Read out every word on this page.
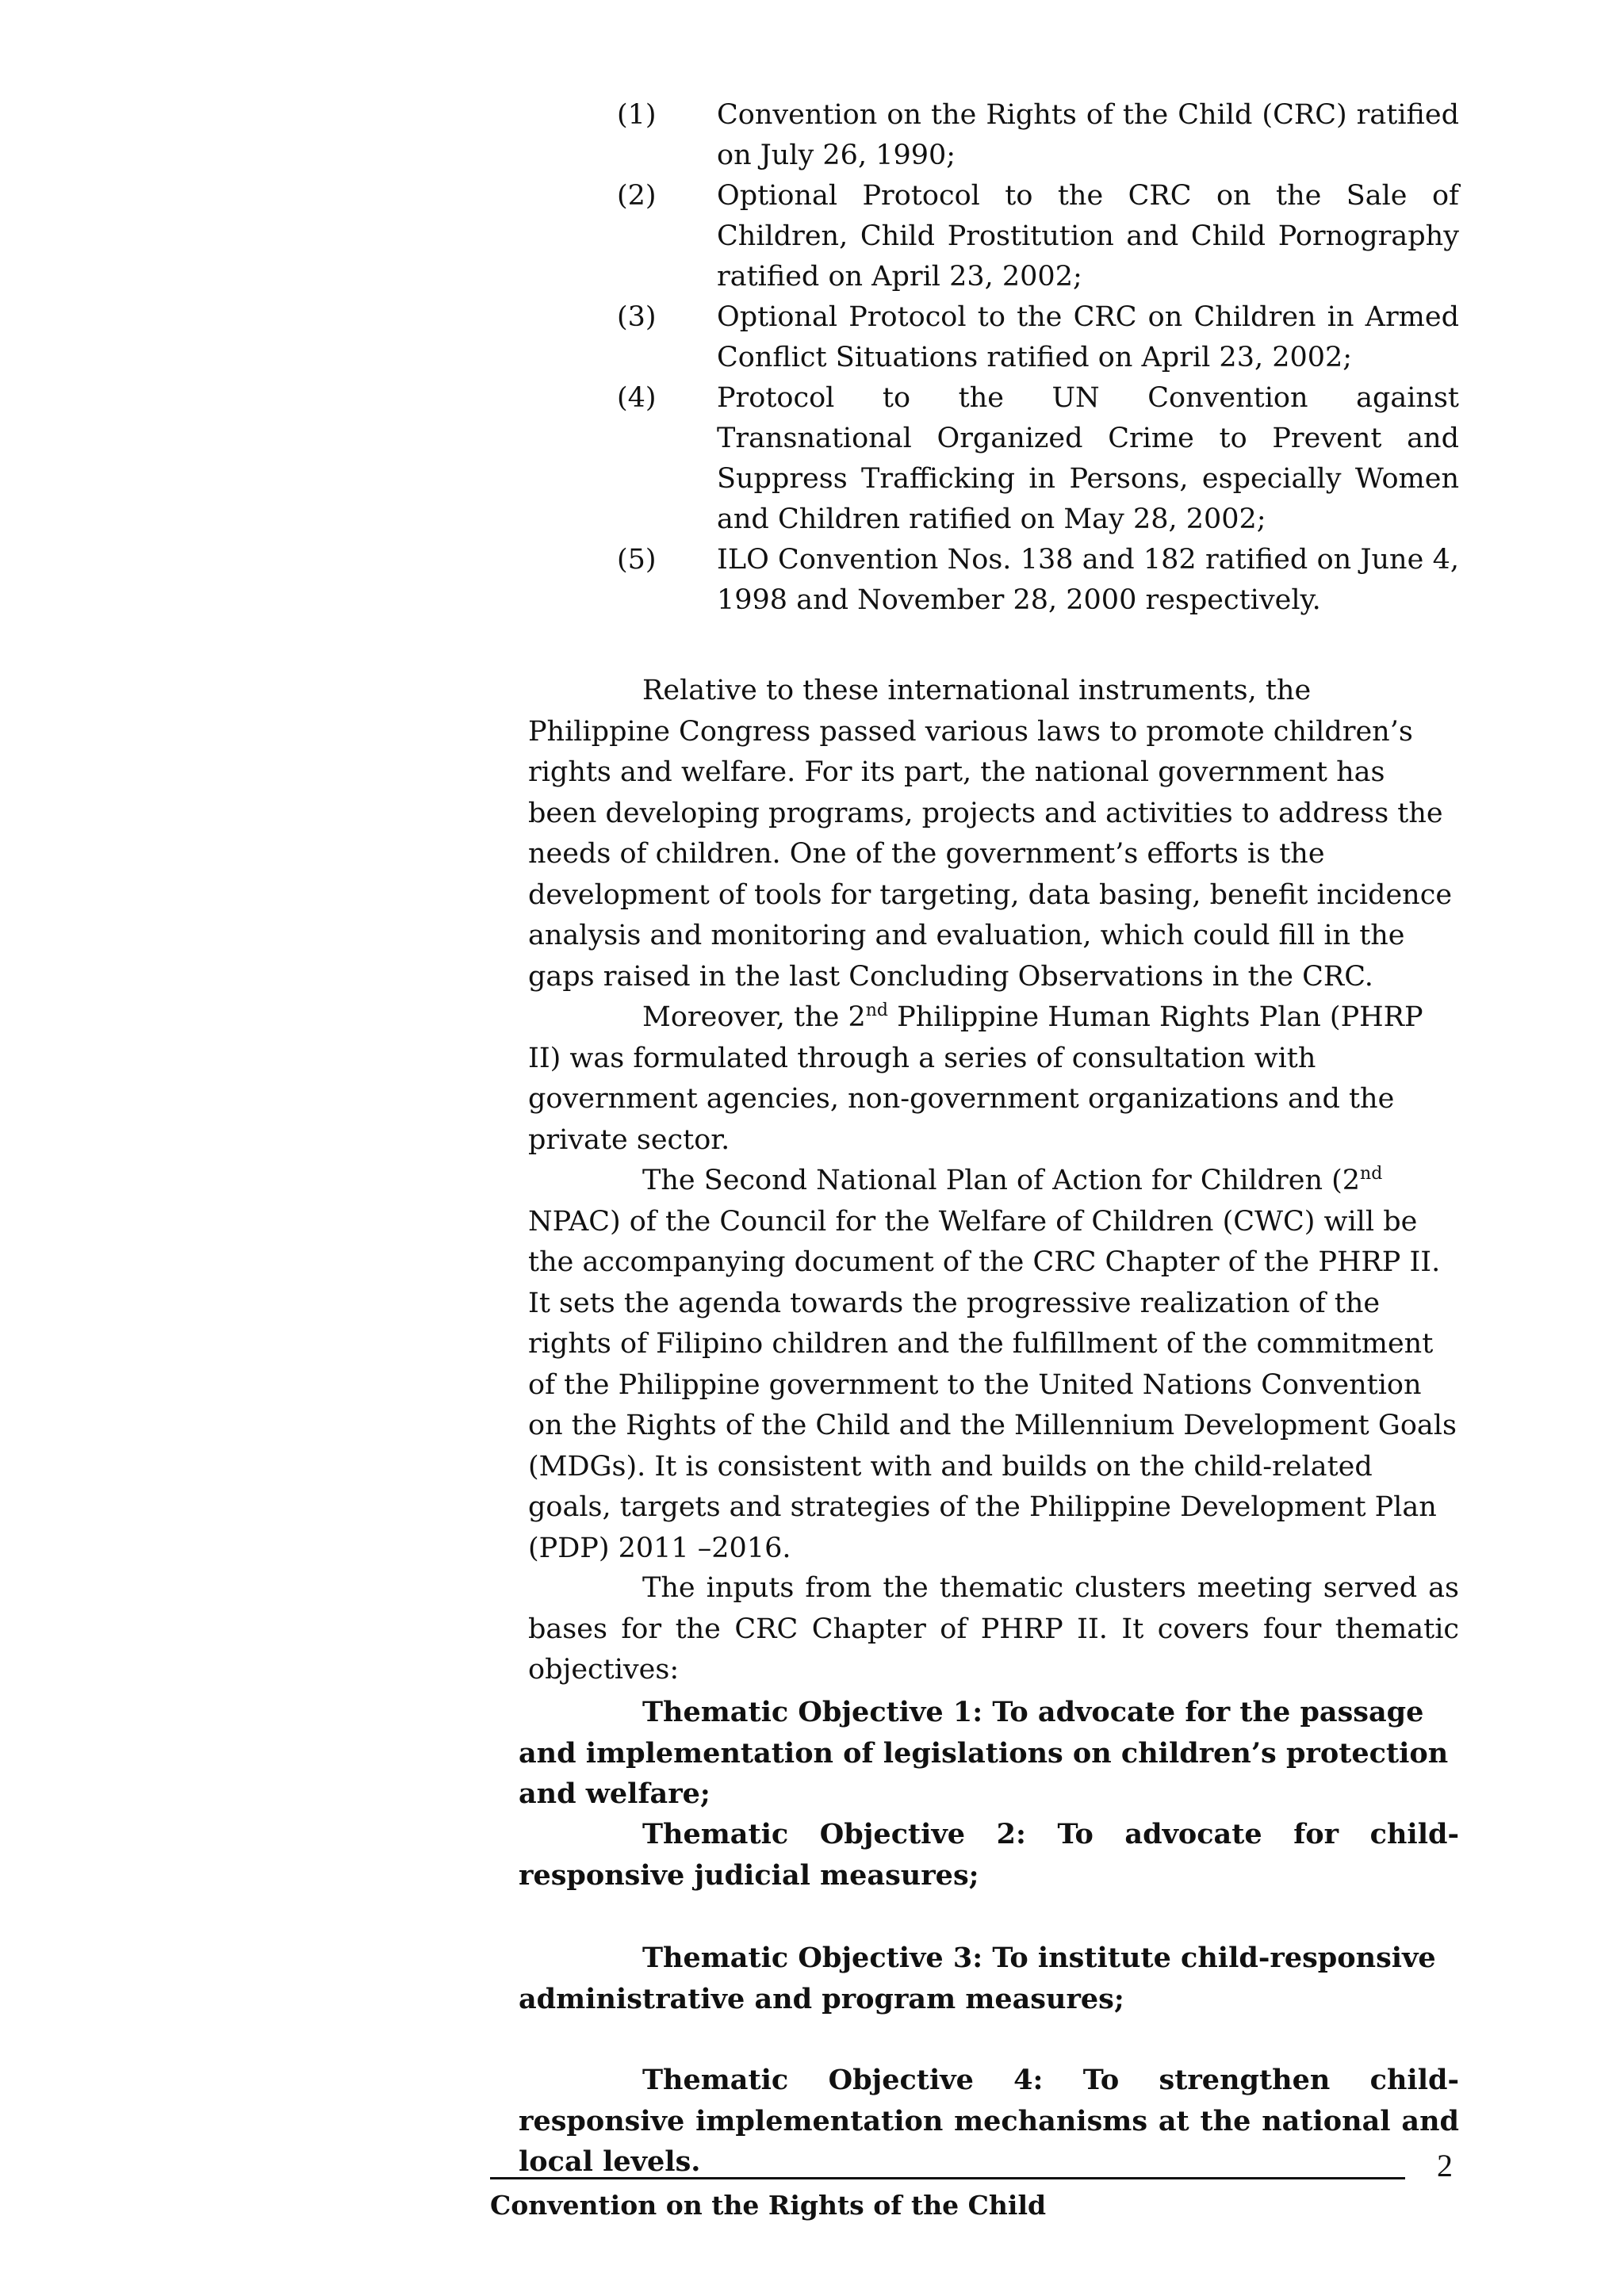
(1) Convention on the Rights of the Child (CRC) ratified on July 26, 1990;
(2) Optional Protocol to the CRC on the Sale of Children, Child Prostitution and Child Pornography ratified on April 23, 2002;
(3) Optional Protocol to the CRC on Children in Armed Conflict Situations ratified on April 23, 2002;
(4) Protocol to the UN Convention against Transnational Organized Crime to Prevent and Suppress Trafficking in Persons, especially Women and Children ratified on May 28, 2002;
(5) ILO Convention Nos. 138 and 182 ratified on June 4, 1998 and November 28, 2000 respectively.

Relative to these international instruments, the Philippine Congress passed various laws to promote children’s rights and welfare. For its part, the national government has been developing programs, projects and activities to address the needs of children. One of the government’s efforts is the development of tools for targeting, data basing, benefit incidence analysis and monitoring and evaluation, which could fill in the gaps raised in the last Concluding Observations in the CRC.

Moreover, the 2nd Philippine Human Rights Plan (PHRP II) was formulated through a series of consultation with government agencies, non-government organizations and the private sector.

The Second National Plan of Action for Children (2nd NPAC) of the Council for the Welfare of Children (CWC) will be the accompanying document of the CRC Chapter of the PHRP II. It sets the agenda towards the progressive realization of the rights of Filipino children and the fulfillment of the commitment of the Philippine government to the United Nations Convention on the Rights of the Child and the Millennium Development Goals (MDGs). It is consistent with and builds on the child-related goals, targets and strategies of the Philippine Development Plan (PDP) 2011 –2016.

The inputs from the thematic clusters meeting served as bases for the CRC Chapter of PHRP II. It covers four thematic objectives:

Thematic Objective 1: To advocate for the passage and implementation of legislations on children’s protection and welfare;

Thematic Objective 2: To advocate for child-responsive judicial measures;

Thematic Objective 3: To institute child-responsive administrative and program measures;

Thematic Objective 4: To strengthen child-responsive implementation mechanisms at the national and local levels.	2
Convention on the Rights of the Child
